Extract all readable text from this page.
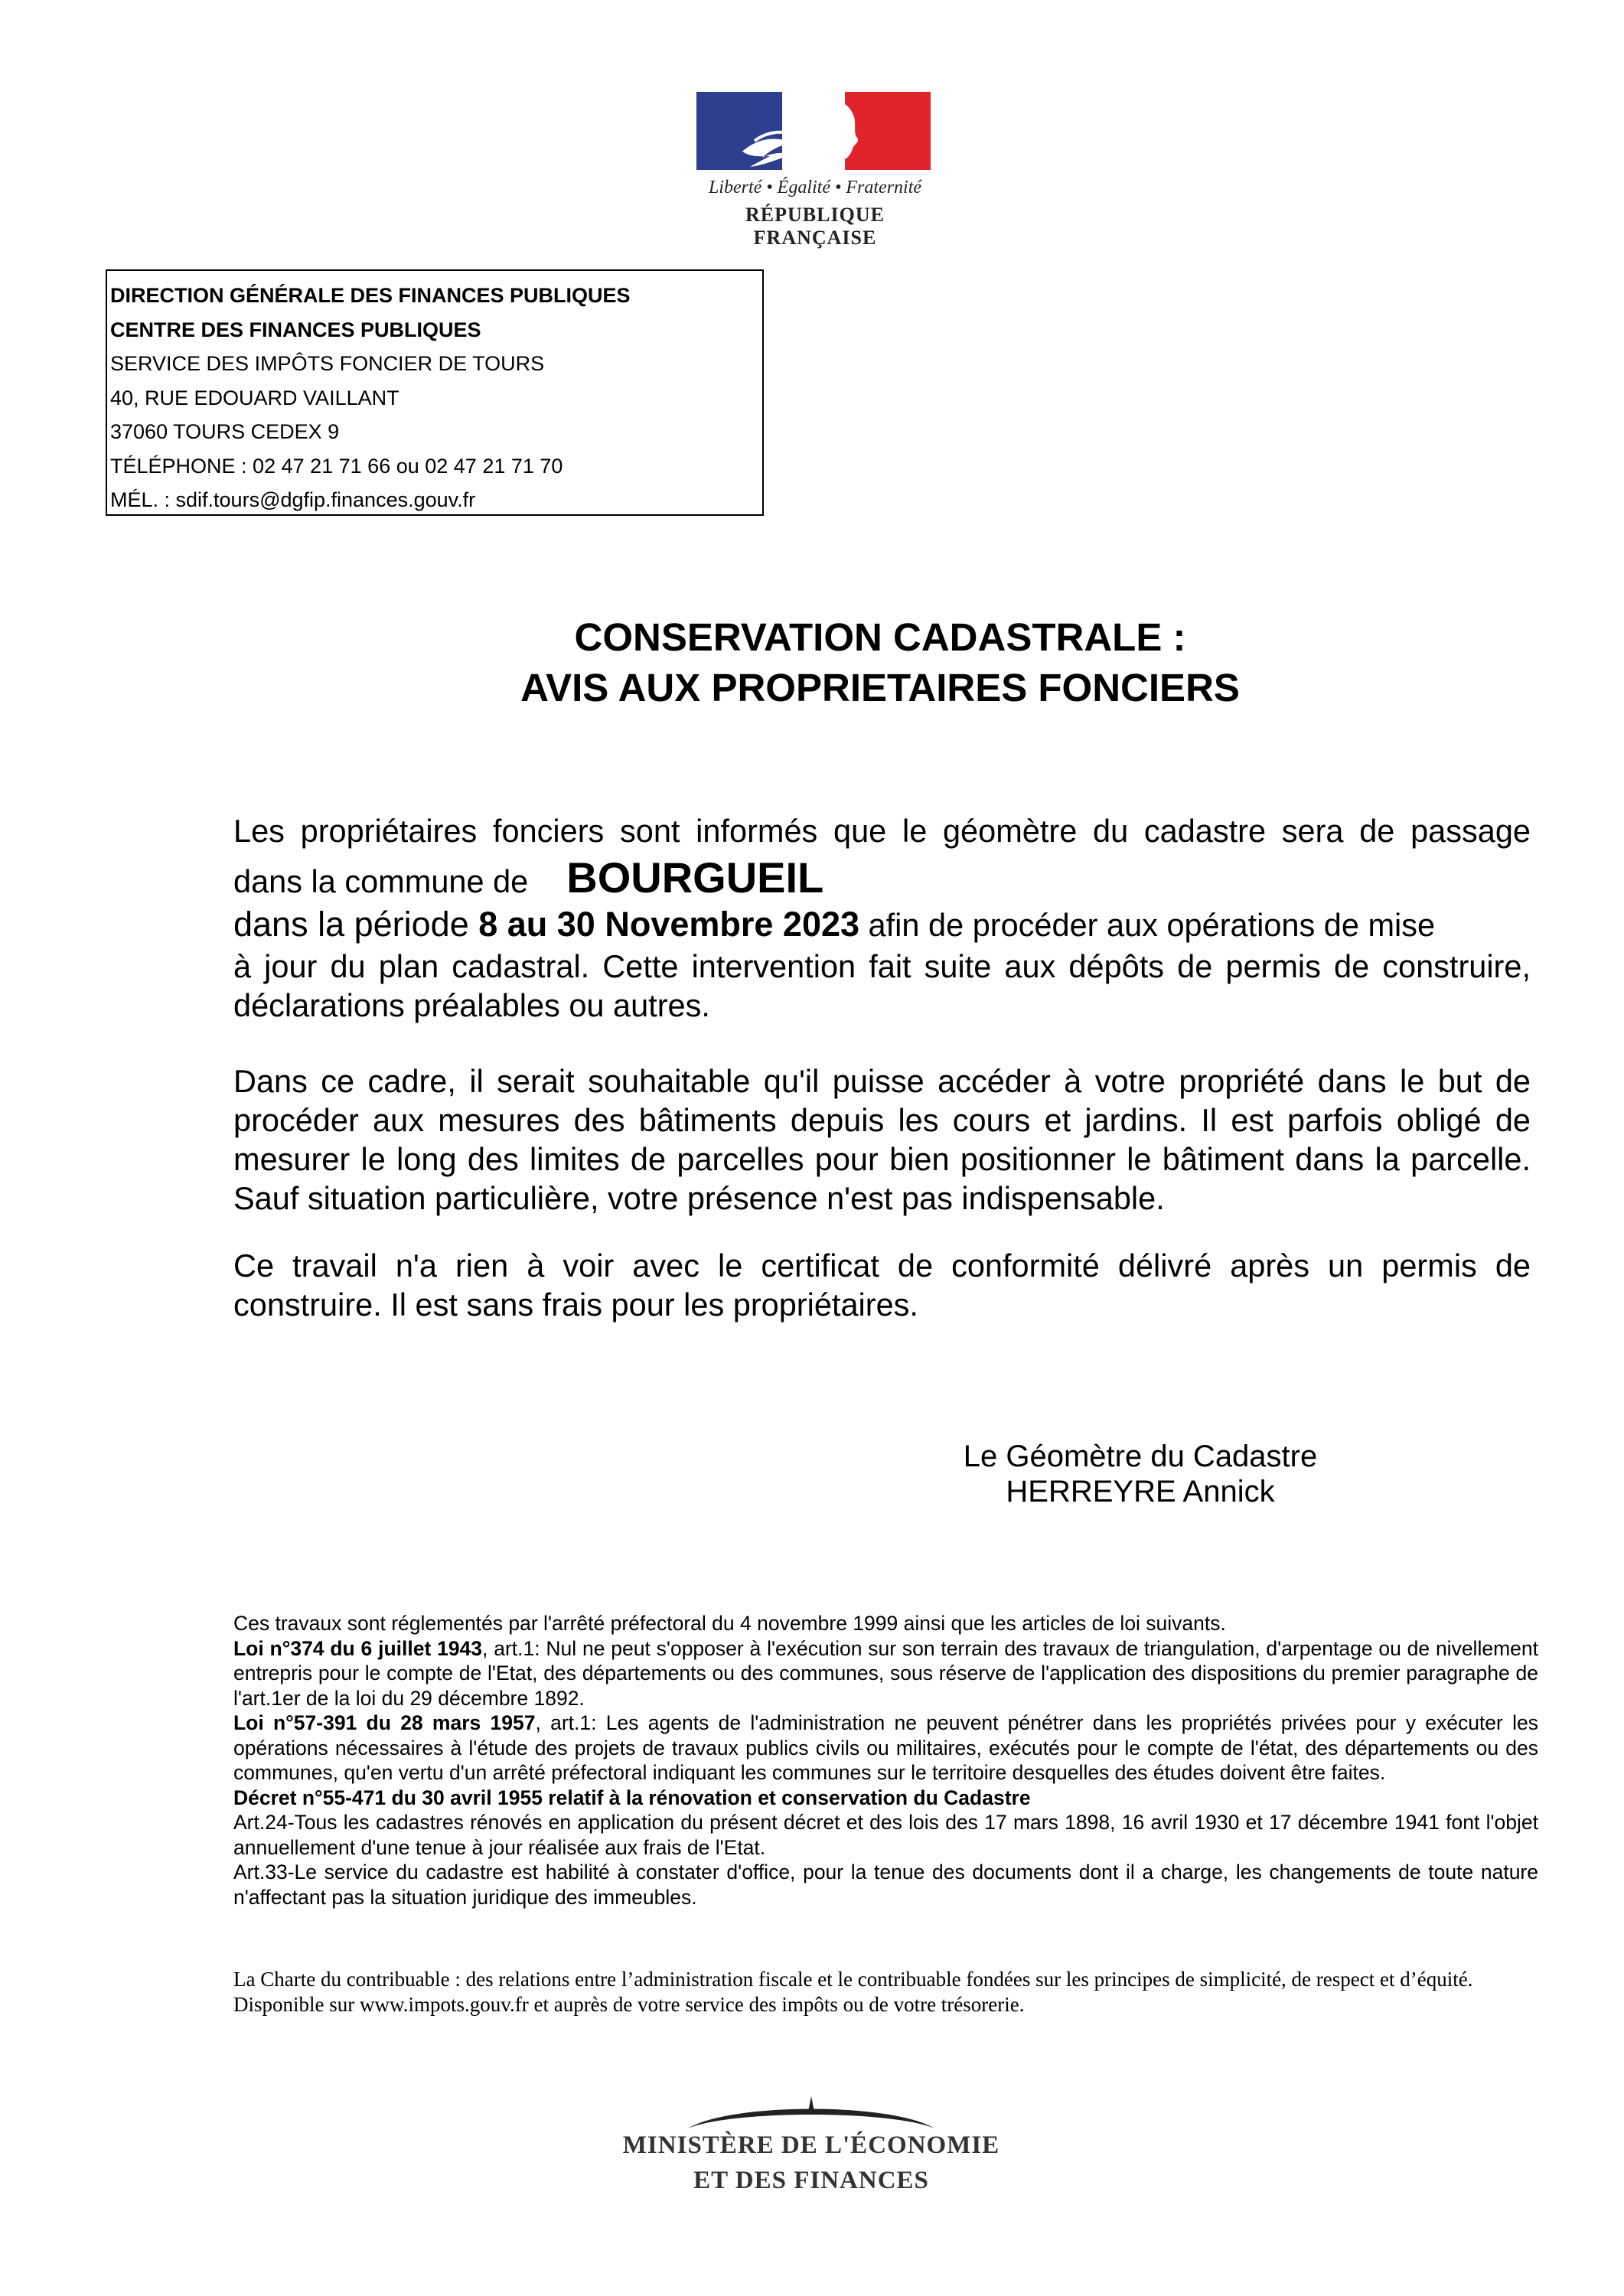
Liberté • Égalité • Fraternité
RÉPUBLIQUE FRANÇAISE
DIRECTION GÉNÉRALE DES FINANCES PUBLIQUES
CENTRE DES FINANCES PUBLIQUES
SERVICE DES IMPÔTS FONCIER DE TOURS
40, RUE EDOUARD VAILLANT
37060 TOURS CEDEX 9
TÉLÉPHONE : 02 47 21 71 66 ou 02 47 21 71 70
MÉL. : sdif.tours@dgfip.finances.gouv.fr
CONSERVATION CADASTRALE :
AVIS AUX PROPRIETAIRES FONCIERS
Les propriétaires fonciers sont informés que le géomètre du cadastre sera de passage
dans la commune de BOURGUEIL
dans la période 8 au 30 Novembre 2023 afin de procéder aux opérations de mise
à jour du plan cadastral. Cette intervention fait suite aux dépôts de permis de construire, déclarations préalables ou autres.
Dans ce cadre, il serait souhaitable qu'il puisse accéder à votre propriété dans le but de procéder aux mesures des bâtiments depuis les cours et jardins. Il est parfois obligé de mesurer le long des limites de parcelles pour bien positionner le bâtiment dans la parcelle. Sauf situation particulière, votre présence n'est pas indispensable.
Ce travail n'a rien à voir avec le certificat de conformité délivré après un permis de construire. Il est sans frais pour les propriétaires.
Le Géomètre du Cadastre
HERREYRE Annick

Ces travaux sont réglementés par l'arrêté préfectoral du 4 novembre 1999 ainsi que les articles de loi suivants.

Loi n°374 du 6 juillet 1943, art.1: Nul ne peut s'opposer à l'exécution sur son terrain des travaux de triangulation, d'arpentage ou de nivellement entrepris pour le compte de l'Etat, des départements ou des communes, sous réserve de l'application des dispositions du premier paragraphe de l'art.1er de la loi du 29 décembre 1892.

Loi n°57-391 du 28 mars 1957, art.1: Les agents de l'administration ne peuvent pénétrer dans les propriétés privées pour y exécuter les opérations nécessaires à l'étude des projets de travaux publics civils ou militaires, exécutés pour le compte de l'état, des départements ou des communes, qu'en vertu d'un arrêté préfectoral indiquant les communes sur le territoire desquelles des études doivent être faites.

Décret n°55-471 du 30 avril 1955 relatif à la rénovation et conservation du Cadastre

Art.24-Tous les cadastres rénovés en application du présent décret et des lois des 17 mars 1898, 16 avril 1930 et 17 décembre 1941 font l'objet annuellement d'une tenue à jour réalisée aux frais de l'Etat.

Art.33-Le service du cadastre est habilité à constater d'office, pour la tenue des documents dont il a charge, les changements de toute nature n'affectant pas la situation juridique des immeubles.

La Charte du contribuable : des relations entre l’administration fiscale et le contribuable fondées sur les principes de simplicité, de respect et d’équité. Disponible sur www.impots.gouv.fr et auprès de votre service des impôts ou de votre trésorerie.
MINISTÈRE DE L'ÉCONOMIE
ET DES FINANCES
